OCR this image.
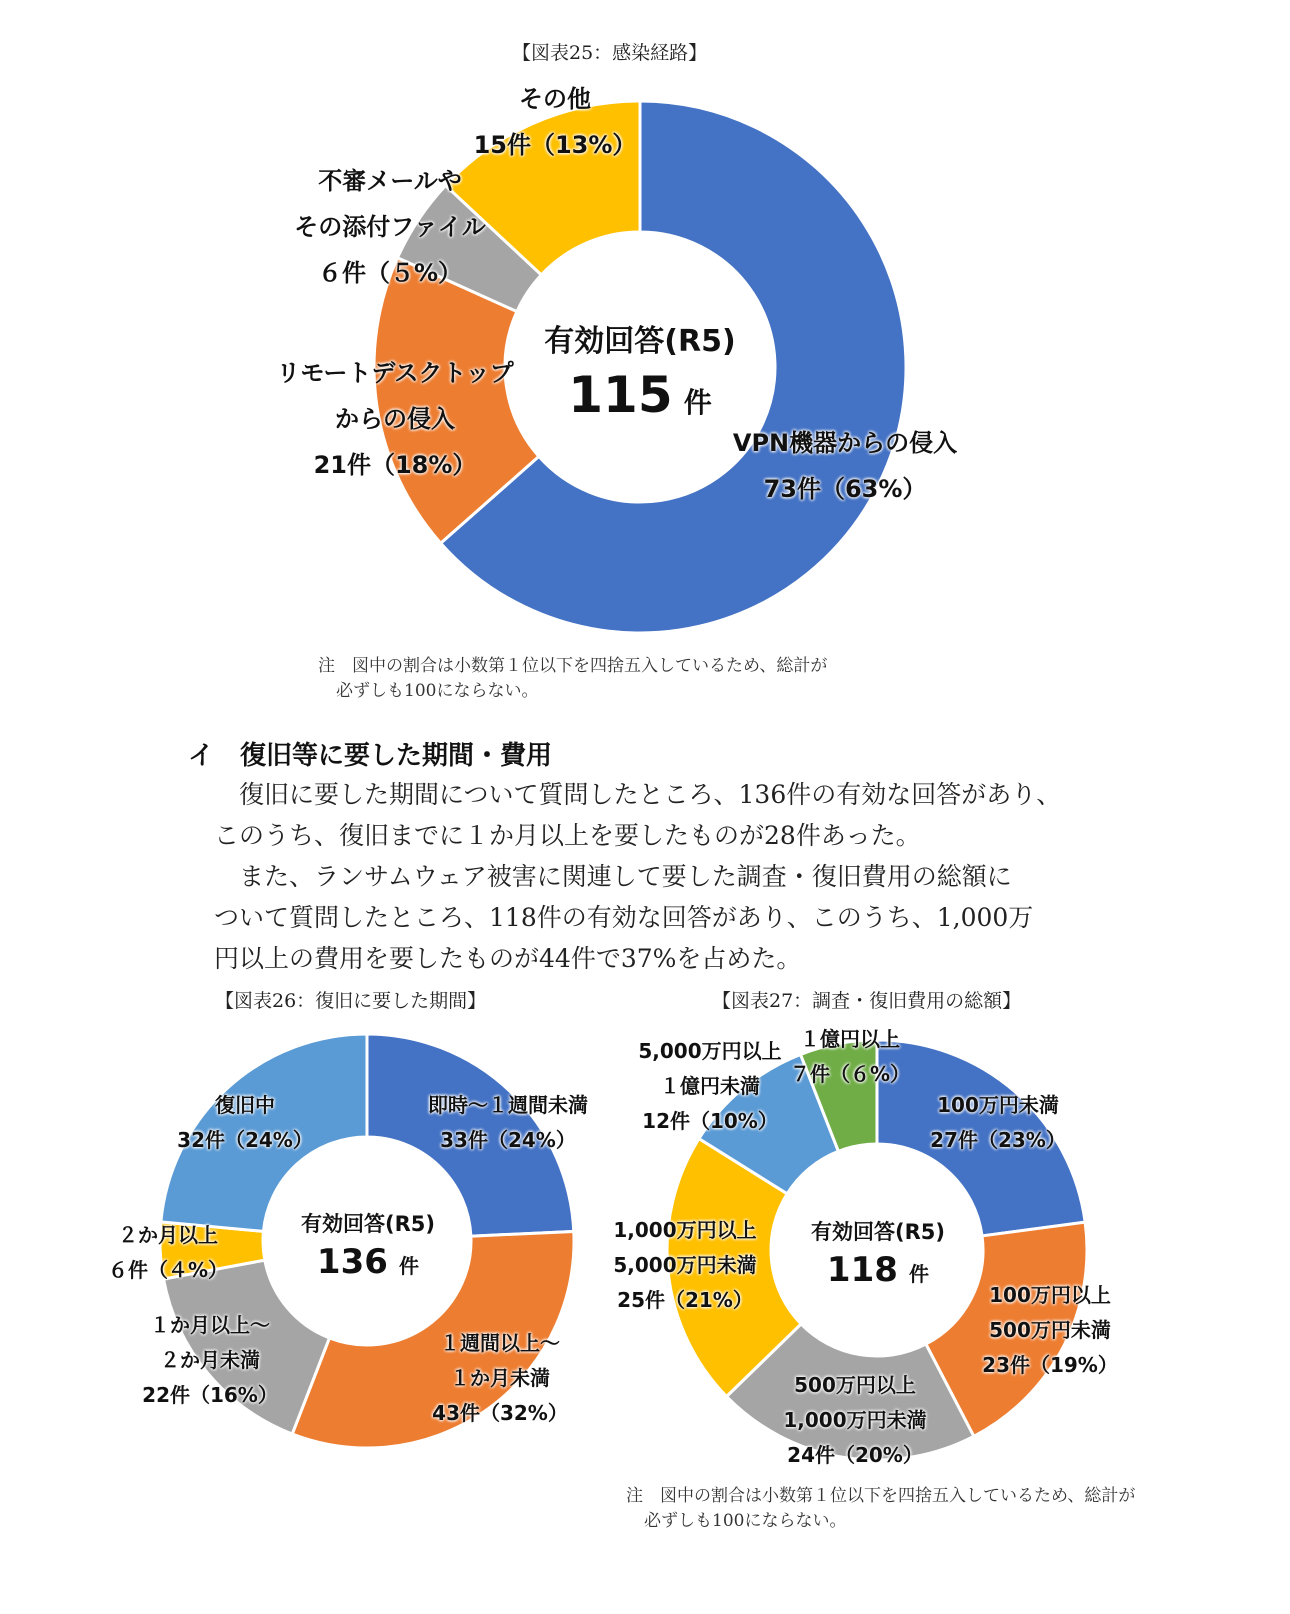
【図表25：感染経路】
有効回答(R5)
115 件
VPN機器からの侵入
73件（63%）
リモートデスクトップ
からの侵入
21件（18%）
不審メールや
その添付ファイル
６件（５%）
その他
15件（13%）
注　図中の割合は小数第１位以下を四捨五入しているため、総計が
必ずしも100にならない。
イ　復旧等に要した期間・費用
　復旧に要した期間について質問したところ、136件の有効な回答があり、
このうち、復旧までに１か月以上を要したものが28件あった。
　また、ランサムウェア被害に関連して要した調査・復旧費用の総額に
ついて質問したところ、118件の有効な回答があり、このうち、1,000万
円以上の費用を要したものが44件で37%を占めた。
【図表26：復旧に要した期間】
有効回答(R5)
136 件
即時～１週間未満
33件（24%）
１週間以上～
１か月未満
43件（32%）
１か月以上～
２か月未満
22件（16%）
２か月以上
６件（４%）
復旧中
32件（24%）
【図表27：調査・復旧費用の総額】
有効回答(R5)
118 件
100万円未満
27件（23%）
100万円以上
500万円未満
23件（19%）
500万円以上
1,000万円未満
24件（20%）
1,000万円以上
5,000万円未満
25件（21%）
5,000万円以上
１億円未満
12件（10%）
１億円以上
７件（６%）
注　図中の割合は小数第１位以下を四捨五入しているため、総計が
必ずしも100にならない。
